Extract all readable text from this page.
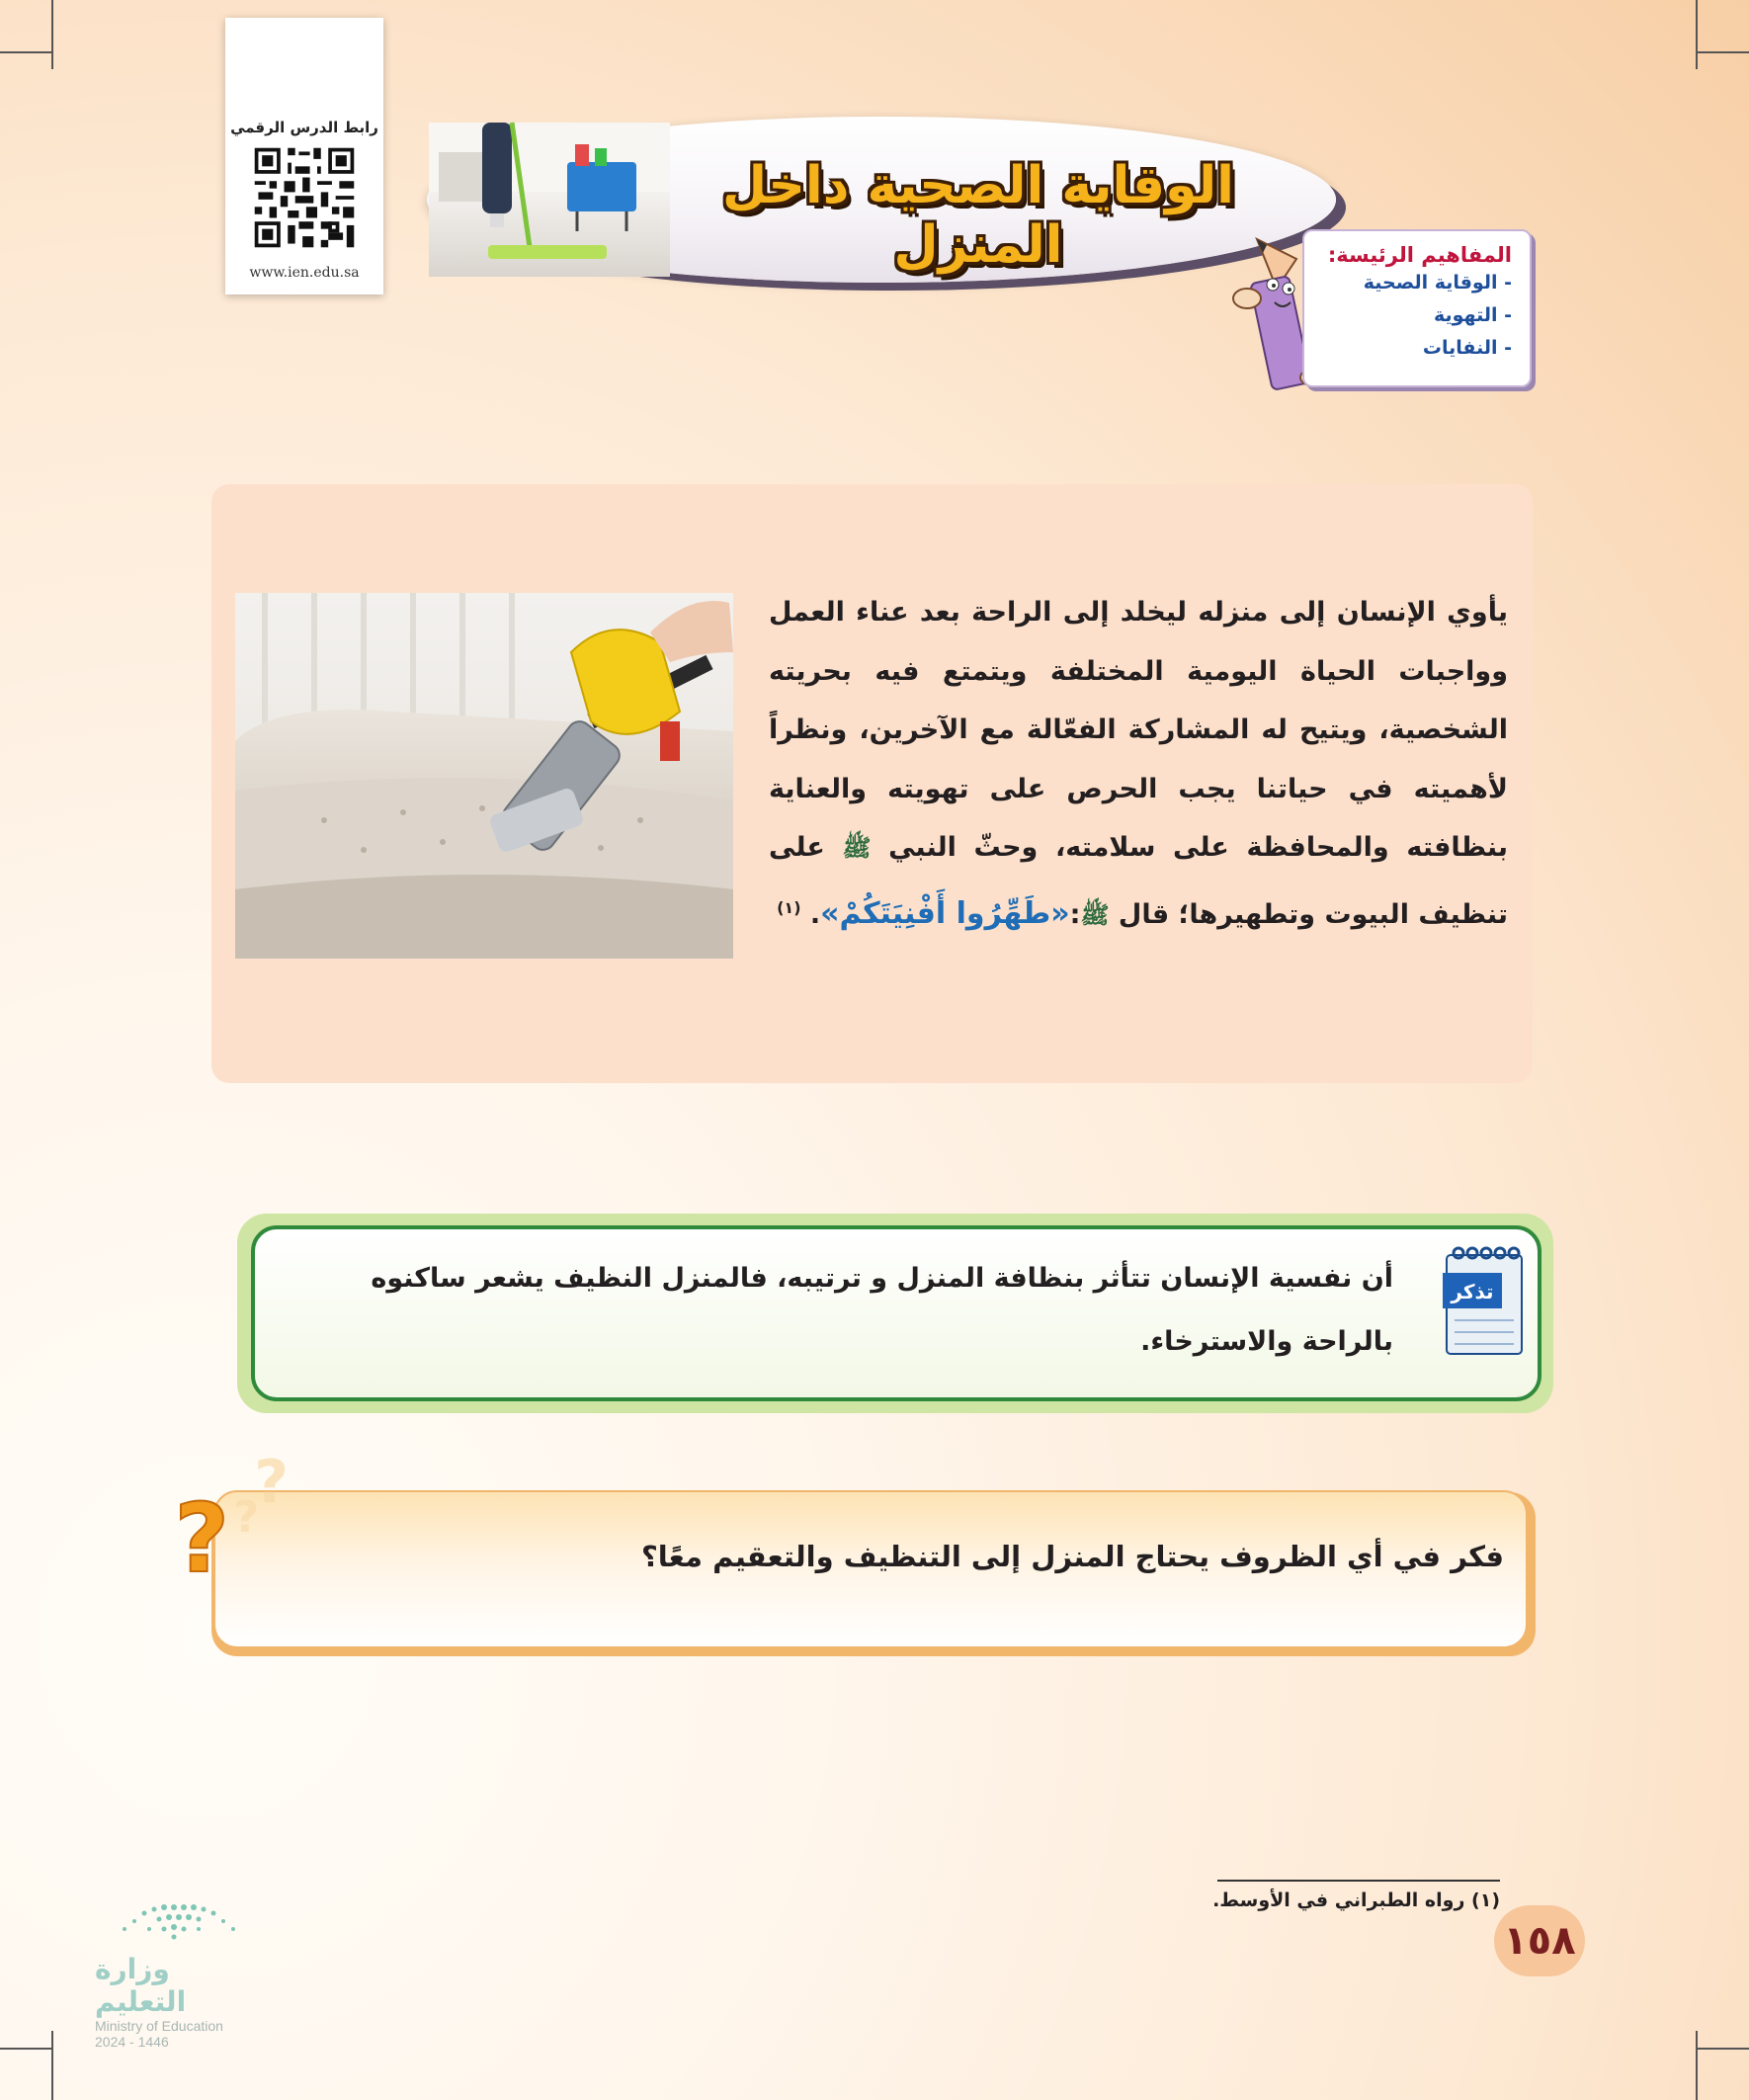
رابط الدرس الرقمي
www.ien.edu.sa
الوقاية الصحية داخل المنزل	المفاهيم الرئيسة:
- الوقاية الصحية
- التهوية
- النفايات
يأوي الإنسان إلى منزله ليخلد إلى الراحة بعد عناء العمل وواجبات الحياة اليومية المختلفة ويتمتع فيه بحريته الشخصية، ويتيح له المشاركة الفعّالة مع الآخرين، ونظراً لأهميته في حياتنا يجب الحرص على تهويته والعناية بنظافته والمحافظة على سلامته، وحثّ النبي ﷺ على تنظيف البيوت وتطهيرها؛ قال ﷺ:«طَهِّرُوا أَفْنِيَتَكُمْ». $^{(١)}$
تذكر
أن نفسية الإنسان تتأثر بنظافة المنزل و ترتيبه، فالمنزل النظيف يشعر ساكنوه بالراحة والاسترخاء.
?
?
?	فكر في أي الظروف يحتاج المنزل إلى التنظيف والتعقيم معًا؟
(١) رواه الطبراني في الأوسط.
١٥٨
وزارة التعليم
Ministry of Education
2024 - 1446
